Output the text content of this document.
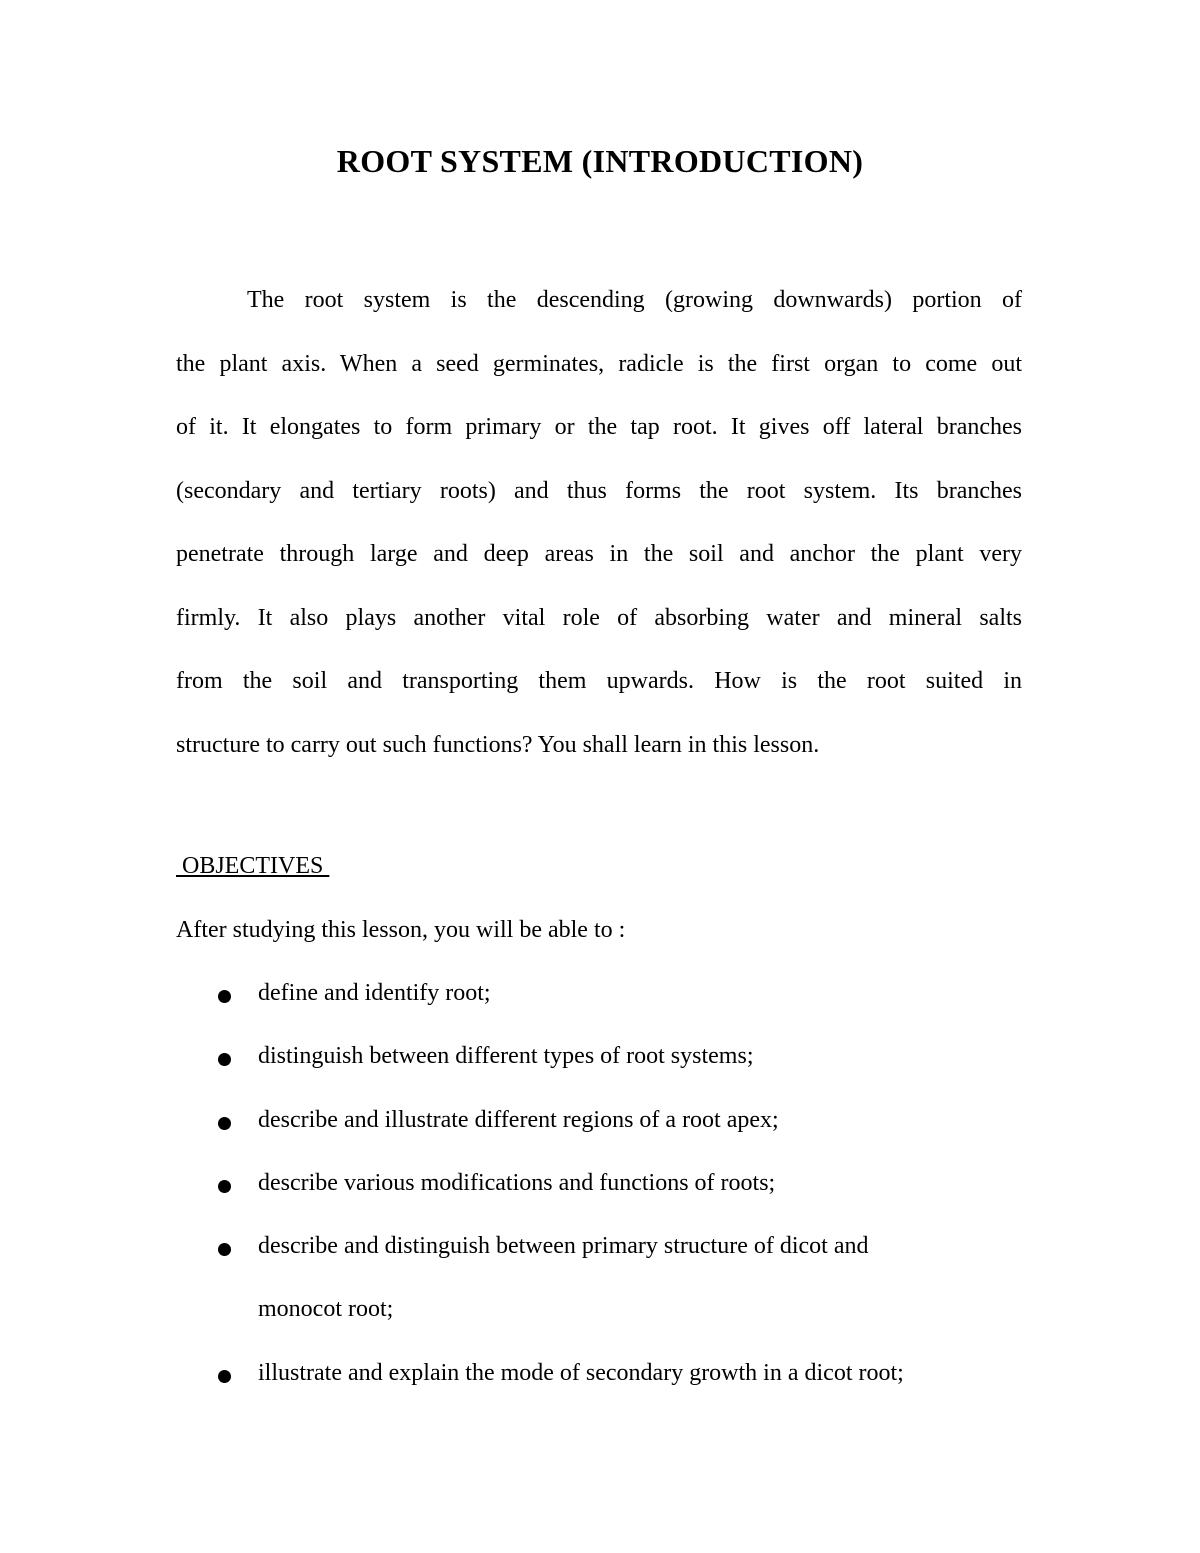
ROOT SYSTEM (INTRODUCTION)
The root system is the descending (growing downwards) portion of
the plant axis. When a seed germinates, radicle is the first organ to come out
of it. It elongates to form primary or the tap root. It gives off lateral branches
(secondary and tertiary roots) and thus forms the root system. Its branches
penetrate through large and deep areas in the soil and anchor the plant very
firmly. It also plays another vital role of absorbing water and mineral salts
from the soil and transporting them upwards. How is the root suited in
structure to carry out such functions? You shall learn in this lesson.
OBJECTIVES
After studying this lesson, you will be able to :
define and identify root;
distinguish between different types of root systems;
describe and illustrate different regions of a root apex;
describe various modifications and functions of roots;
describe and distinguish between primary structure of dicot and
monocot root;
illustrate and explain the mode of secondary growth in a dicot root;
